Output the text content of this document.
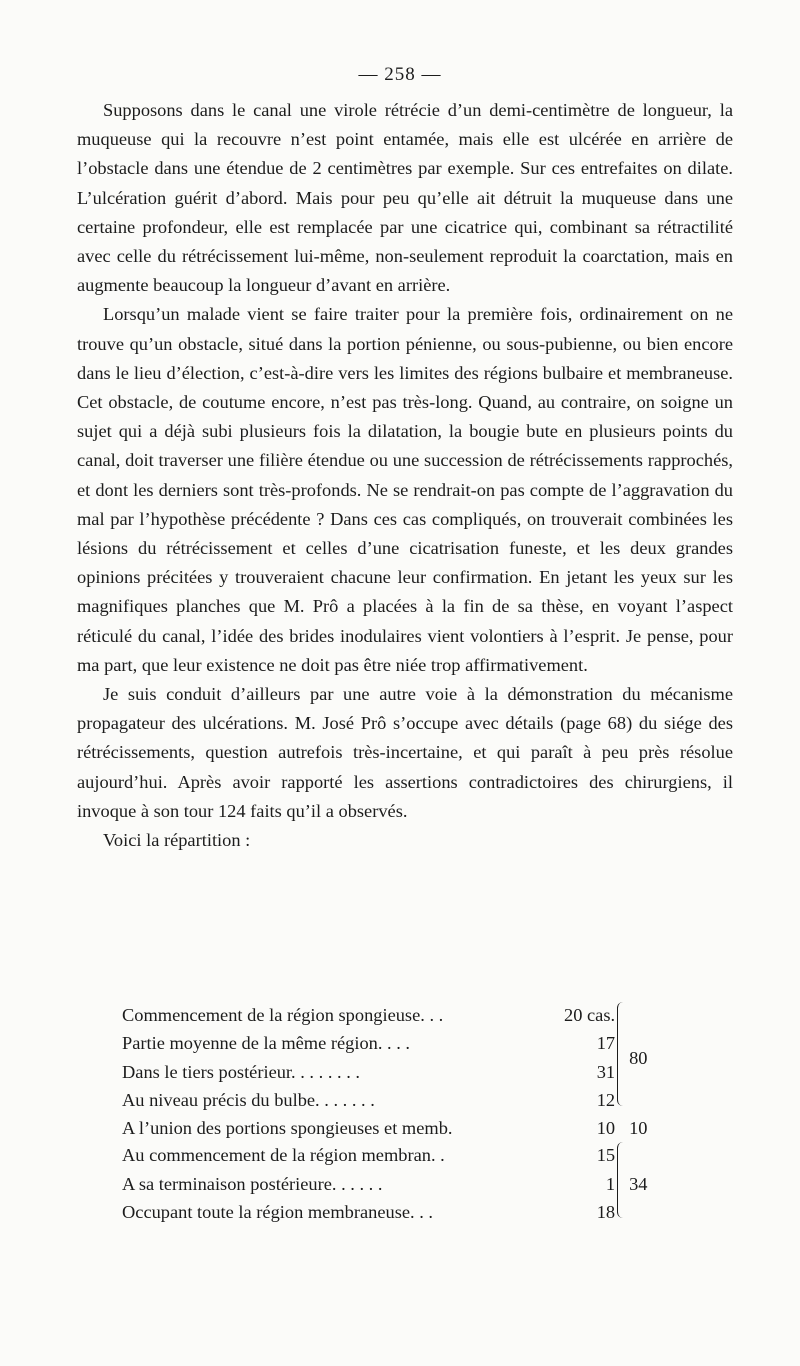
— 258 —

Supposons dans le canal une virole rétrécie d’un demi-centimètre de longueur, la muqueuse qui la recouvre n’est point entamée, mais elle est ulcérée en arrière de l’obstacle dans une étendue de 2 centimètres par exemple. Sur ces entrefaites on dilate. L’ulcération guérit d’abord. Mais pour peu qu’elle ait détruit la muqueuse dans une certaine profondeur, elle est remplacée par une cicatrice qui, combinant sa rétractilité avec celle du rétrécissement lui-même, non-seulement reproduit la coarctation, mais en augmente beaucoup la longueur d’avant en arrière.

Lorsqu’un malade vient se faire traiter pour la première fois, ordinairement on ne trouve qu’un obstacle, situé dans la portion pénienne, ou sous-pubienne, ou bien encore dans le lieu d’élection, c’est-à-dire vers les limites des régions bulbaire et membraneuse. Cet obstacle, de coutume encore, n’est pas très-long. Quand, au contraire, on soigne un sujet qui a déjà subi plusieurs fois la dilatation, la bougie bute en plusieurs points du canal, doit traverser une filière étendue ou une succession de rétrécissements rapprochés, et dont les derniers sont très-profonds. Ne se rendrait-on pas compte de l’aggravation du mal par l’hypothèse précédente ? Dans ces cas compliqués, on trouverait combinées les lésions du rétrécissement et celles d’une cicatrisation funeste, et les deux grandes opinions précitées y trouveraient chacune leur confirmation. En jetant les yeux sur les magnifiques planches que M. Prô a placées à la fin de sa thèse, en voyant l’aspect réticulé du canal, l’idée des brides inodulaires vient volontiers à l’esprit. Je pense, pour ma part, que leur existence ne doit pas être niée trop affirmativement.

Je suis conduit d’ailleurs par une autre voie à la démonstration du mécanisme propagateur des ulcérations. M. José Prô s’occupe avec détails (page 68) du siége des rétrécissements, question autrefois très-incertaine, et qui paraît à peu près résolue aujourd’hui. Après avoir rapporté les assertions contradictoires des chirurgiens, il invoque à son tour 124 faits qu’il a observés.

Voici la répartition :

Commencement de la région spongieuse. . .	20 cas.		80
Partie moyenne de la même région. . . .	17		
Dans le tiers postérieur. . . . . . . .	31		
Au niveau précis du bulbe. . . . . . .	12		
A l’union des portions spongieuses et memb.	10		10
Au commencement de la région membran. .	15		34
A sa terminaison postérieure. . . . . .	1		
Occupant toute la région membraneuse. . .	18		
